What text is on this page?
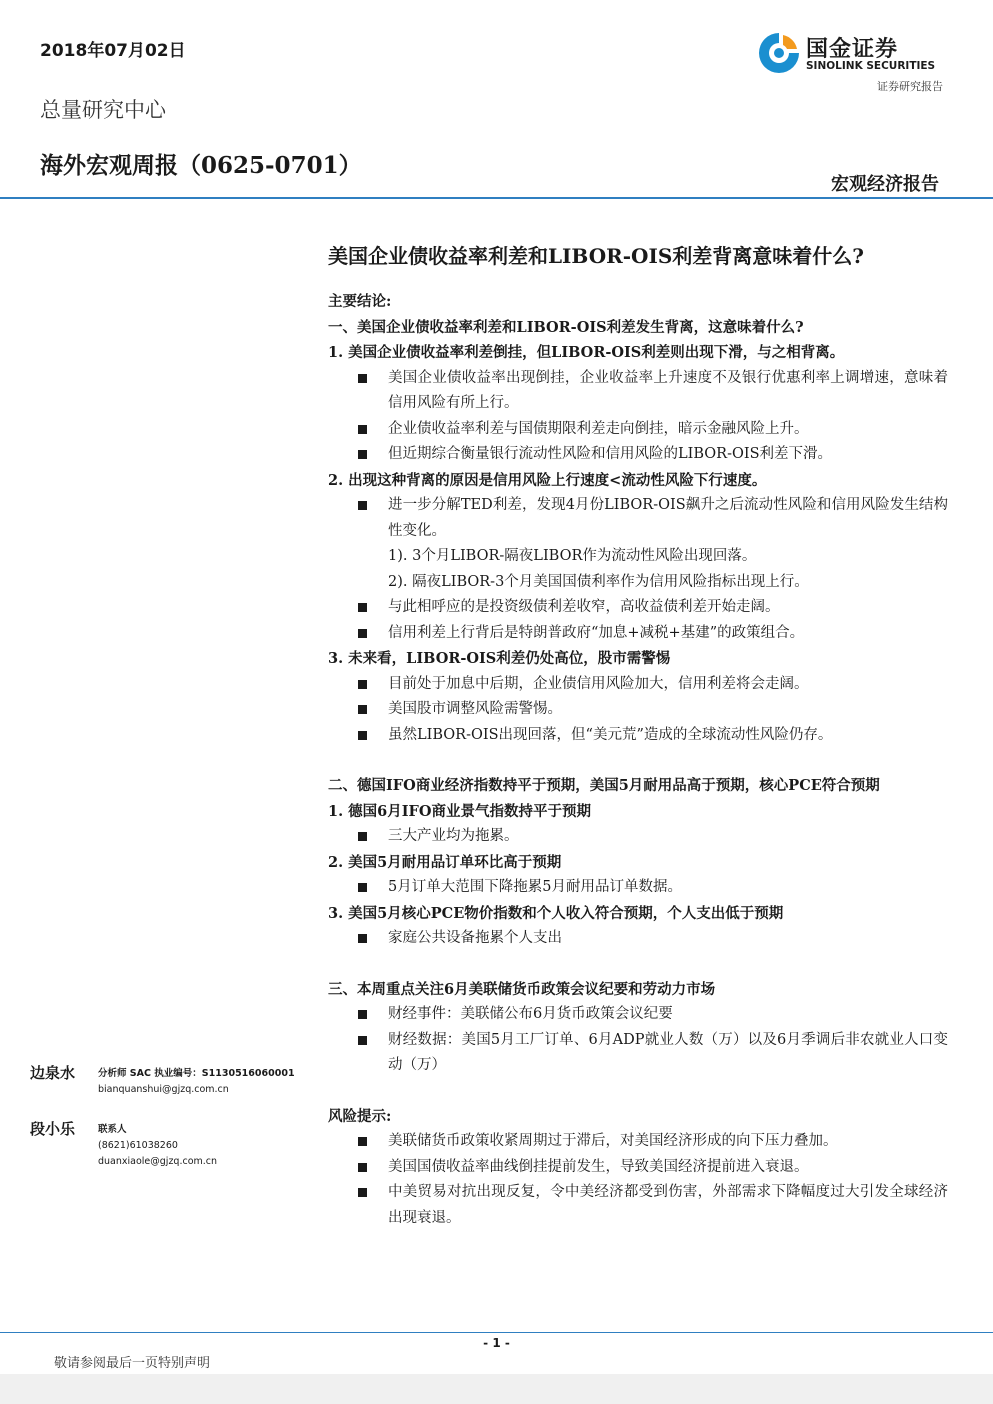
2018年07月02日
总量研究中心
海外宏观周报（0625-0701）
国金证券
SINOLINK SECURITIES
证券研究报告
宏观经济报告
美国企业债收益率利差和LIBOR-OIS利差背离意味着什么?
主要结论:
一、美国企业债收益率利差和LIBOR-OIS利差发生背离，这意味着什么?
1. 美国企业债收益率利差倒挂，但LIBOR-OIS利差则出现下滑，与之相背离。
美国企业债收益率出现倒挂，企业收益率上升速度不及银行优惠利率上调增速，意味着信用风险有所上行。
企业债收益率利差与国债期限利差走向倒挂，暗示金融风险上升。
但近期综合衡量银行流动性风险和信用风险的LIBOR-OIS利差下滑。
2. 出现这种背离的原因是信用风险上行速度<流动性风险下行速度。
进一步分解TED利差，发现4月份LIBOR-OIS飙升之后流动性风险和信用风险发生结构性变化。
1). 3个月LIBOR-隔夜LIBOR作为流动性风险出现回落。
2). 隔夜LIBOR-3个月美国国债利率作为信用风险指标出现上行。
与此相呼应的是投资级债利差收窄，高收益债利差开始走阔。
信用利差上行背后是特朗普政府“加息+减税+基建”的政策组合。
3. 未来看，LIBOR-OIS利差仍处高位，股市需警惕
目前处于加息中后期，企业债信用风险加大，信用利差将会走阔。
美国股市调整风险需警惕。
虽然LIBOR-OIS出现回落，但“美元荒”造成的全球流动性风险仍存。
二、德国IFO商业经济指数持平于预期，美国5月耐用品高于预期，核心PCE符合预期
1. 德国6月IFO商业景气指数持平于预期
三大产业均为拖累。
2. 美国5月耐用品订单环比高于预期
5月订单大范围下降拖累5月耐用品订单数据。
3. 美国5月核心PCE物价指数和个人收入符合预期，个人支出低于预期
家庭公共设备拖累个人支出
三、本周重点关注6月美联储货币政策会议纪要和劳动力市场
财经事件：美联储公布6月货币政策会议纪要
财经数据：美国5月工厂订单、6月ADP就业人数（万）以及6月季调后非农就业人口变动（万）
风险提示:
美联储货币政策收紧周期过于滞后，对美国经济形成的向下压力叠加。
美国国债收益率曲线倒挂提前发生，导致美国经济提前进入衰退。
中美贸易对抗出现反复，令中美经济都受到伤害，外部需求下降幅度过大引发全球经济出现衰退。
边泉水 分析师 SAC 执业编号：S1130516060001
bianquanshui@gjzq.com.cn
段小乐 联系人
(8621)61038260
duanxiaole@gjzq.com.cn
- 1 -
敬请参阅最后一页特别声明
